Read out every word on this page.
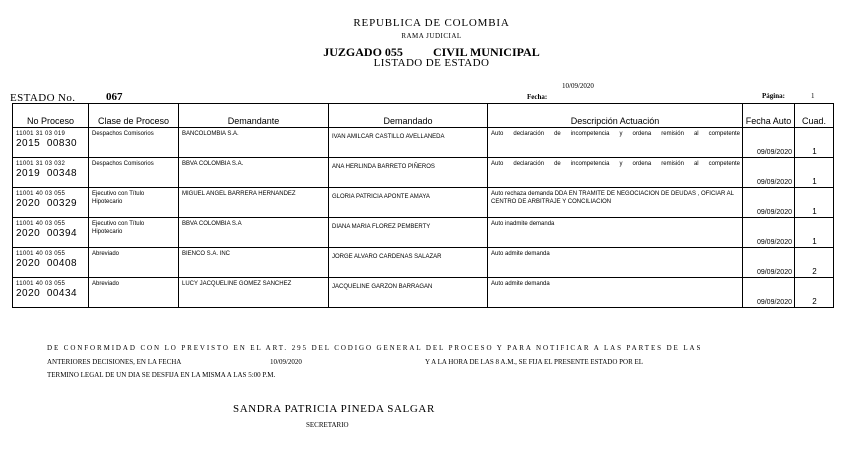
REPUBLICA DE COLOMBIA
RAMA JUDICIAL
JUZGADO 055	CIVIL MUNICIPAL
LISTADO DE ESTADO
10/09/2020
Fecha:	Página:	1
ESTADO No.	067
No Proceso	Clase de Proceso	Demandante	Demandado	Descripción Actuación	Fecha Auto	Cuad.

11001 31 03 019
2015 00830	Despachos Comisorios	BANCOLOMBIA S.A.	IVAN AMILCAR CASTILLO AVELLANEDA	Auto declaración de incompetencia y ordena remisión al competente	09/09/2020	1

11001 31 03 032
2019 00348	Despachos Comisorios	BBVA COLOMBIA S.A.	ANA HERLINDA BARRETO PIÑEROS	Auto declaración de incompetencia y ordena remisión al competente	09/09/2020	1

11001 40 03 055
2020 00329	Ejecutivo con Título Hipotecario	MIGUEL ANGEL BARRERA HERNANDEZ	GLORIA PATRICIA APONTE AMAYA	Auto rechaza demanda DDA EN TRAMITE DE NEGOCIACION DE DEUDAS , OFICIAR AL CENTRO DE ARBITRAJE Y CONCILIACION	09/09/2020	1

11001 40 03 055
2020 00394	Ejecutivo con Título Hipotecario	BBVA COLOMBIA S.A	DIANA MARIA FLOREZ PEMBERTY	Auto inadmite demanda	09/09/2020	1

11001 40 03 055
2020 00408	Abreviado	BIENCO S.A. INC	JORGE ALVARO CARDENAS SALAZAR	Auto admite demanda	09/09/2020	2

11001 40 03 055
2020 00434	Abreviado	LUCY JACQUELINE GOMEZ SANCHEZ	JACQUELINE GARZON BARRAGAN	Auto admite demanda	09/09/2020	2
DE CONFORMIDAD CON LO PREVISTO EN EL ART. 295 DEL CODIGO GENERAL DEL PROCESO Y PARA NOTIFICAR A LAS PARTES DE LAS
ANTERIORES DECISIONES, EN LA FECHA	10/09/2020	Y A LA HORA DE LAS 8 A.M., SE FIJA EL PRESENTE ESTADO POR EL
TERMINO LEGAL DE UN DIA SE DESFIJA EN LA MISMA A LAS 5:00 P.M.
SANDRA PATRICIA PINEDA SALGAR
SECRETARIO
